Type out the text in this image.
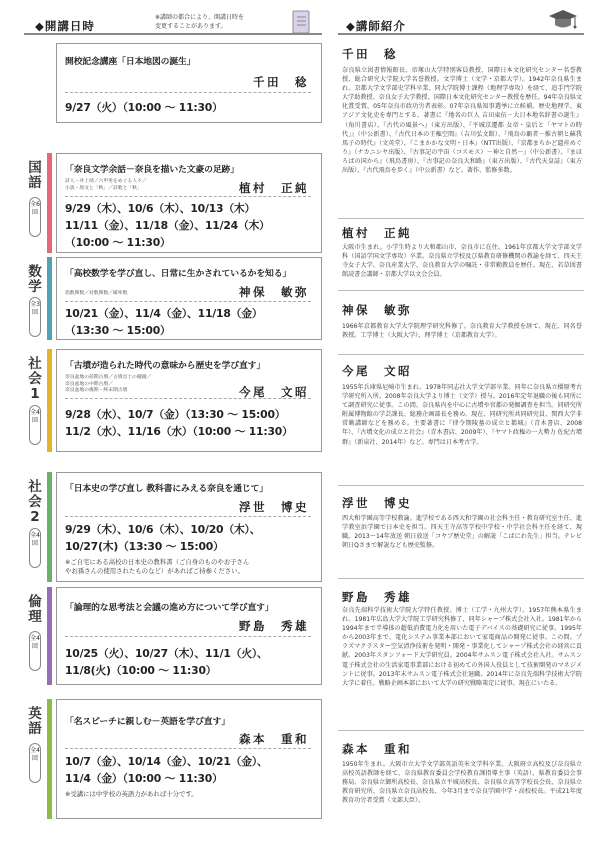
◆開講日時
※講師の都合により、開講日時を
変更することがあります。	◆講師紹介
開校記念講座「日本地図の誕生」
千田　稔
9/27（火）（10:00 ～ 11:30）
国語
全6回
「奈良文学余話－奈良を描いた文豪の足跡」
詩人・井上靖／六甲男をめぐる人々／
小説・原文と「秋」／詩歌と「秋」	植村　正純
9/29（木）、10/6（木）、10/13（木）
11/11（金）、11/18（金）、11/24（木）
（10:00 ～ 11:30）
数学
全3回
「高校数学を学び直し、日常に生かされているかを知る」
指数関数／対数関数／確率数	神保　敏弥
10/21（金）、11/4（金）、11/18（金）
（13:30 ～ 15:00）
社会1
全4回
「古墳が造られた時代の意味から歴史を学び直す」
奈良盆地の前期古墳／古墳出土の鏡鏡／
奈良盆地の中期古墳／
奈良盆地の後期・終末期古墳	今尾　文昭
9/28（水）、10/7（金）（13:30 ～ 15:00）
11/2（水）、11/16（水）（10:00 ～ 11:30）
社会2
全4回
「日本史の学び直し 教科書にみえる奈良を通じて」
浮世　博史
9/29（木）、10/6（木）、10/20（木）、
10/27(木)（13:30 ～ 15:00）
※ご自宅にある高校の日本史の教科書（ご自身のものやお子さん
やお孫さんの使用されたものなど）があればご持参ください。
倫理
全4回
「論理的な思考法と会議の進め方について学び直す」
野島　秀雄
10/25（火）、10/27（木）、11/1（火）、
11/8(火)（10:00 ～ 11:30）
英語
全4回
「名スピーチに親しむ－英語を学び直す」
森本　重和
10/7（金）、10/14（金）、10/21（金）、
11/4（金）（10:00 ～ 11:30）
※受講には中学校の英語力があれば十分です。
千田　稔
奈良県立図書情報館長、帝塚山大学特別客員教授、国際日本文化研究センター名誉教授、総合研究大学院大学名誉教授。文学博士（文学・京都大学）。1942年奈良県生まれ。京都大学文学部史学科卒業、同大学院博士課程（地理学専攻）を経て、追手門学院大学助教授、奈良女子大学教授、国際日本文化研究センター教授を歴任。94年奈良県文化賞受賞、05年奈良市政功労者表彰。07年奈良県知事選挙に立候補。歴史地理学、東アジア文化史を専門とする。著書に『地名の巨人 吉田東伍－大日本地名辞書の誕生』（角川書店）、『古代の風景へ』（東方出版）、『平城京遷都 女帝・皇后と「ヤマトの時代」』（中公新書）、『古代日本の王権空間』（吉川弘文館）、『飛鳥の覇者－推古朝と蘇我馬子の時代』（文英堂）、『こまかかな文明・日本』（NTT出版）、『京都まちかど遺産めぐり』（ナカニシヤ出版）、『古事記の宇宙（コスモス）－神と自然－』（中公新書）、『まほろばの国から』（飛鳥書房）、『古事記の奈良大和路』（東方出版）、『古代天皇誌』（東方出版）、『古代飛鳥を歩く』（中公新書）など。著作、監修多数。
植村　正純
大阪市生まれ。小学生時より大和郡山市、奈良市に在住。1961年京都大学文学部文学科（国語学国文学専攻）卒業。奈良県立学校及び県教育研修機関の教諭を経て、四天王寺女子大学、奈良産業大学、奈良教育大学の嘱託・非常勤教員を歴任。現在、若草図書館読書会講師・京都大学以文会会員。
神保　敏弥
1966年京都教育大学大学院理学研究科修了。奈良教育大学教授を経て、現在、同名誉教授。工学博士（大阪大学）、理学博士（京都教育大学）。
今尾　文昭
1955年兵庫県尼崎市生まれ。1978年同志社大学文学部卒業。同年に奈良県立橿原考古学研究所入所。2008年奈良大学より博士（文学）授与。2016年定年退職の後も同所にて調査研究に従事。この間、奈良県内を中心に古墳や宮都の発掘調査を担当。同研究所附属博物館の学芸課長、総務企画部長を務め、現在、同研究所共同研究員、関西大学非常勤講師などを務める。主要著書に『律令期陵墓の成立と都城』（青木書店、2008年）、『古墳文化の成立と社会』（青木書店、2009年）、『ヤマト政権の一大勢力 佐紀古墳群』（新泉社、2014年）など。専門は日本考古学。
浮世　博史
西大和学園高等学校教諭。進学校である西大和学園の社会科主任・教育研究室主任、進学教室浜学園で日本史を担当。四天王寺高等学校中学校・中学社会科主任を経て、現職。2013～14年放送 朝日放送「コヤブ歴史堂」の解説「こばにわ先生」担当。テレビ朝日Qさまで解説なども歴史監修。
野島　秀雄
奈良先端科学技術大学院大学特任教授。博士（工学・九州大学）。1957年熊本県生まれ。1981年広島大学大学院工学研究科修了、同年シャープ株式会社入社。1981年から1994年まで半導体の超低消費電力化を用いた電子デバイスの基礎研究に従事。1995年から2003年まで、電化システム事業本部において家電商品の開発に従事。この間、プラズマクラスター空気清浄技術を発明・開発・事業化してシャープ株式会社の経営に貢献。2003年スタンフォード大学研究員。2004年サムスン電子株式会社入社。サムスン電子株式会社の生活家電事業部における初めての外国人役員として技術開発のマネジメントに従事。2013年末サムスン電子株式会社退職。2014年に奈良先端科学技術大学院大学に着任。戦略企画本部において大学の研究戦略策定に従事。現在にいたる。
森本　重和
1950年生まれ。大阪市立大学文学部英語英米文学科卒業。大阪府立高校及び奈良県立高校英語教師を経て、奈良県教育委員会学校教育課指導主事（英語）、県教育委員会事務局、奈良県立御所高校長、奈良県立平城高校長、奈良県立高等学校長会長、奈良県立教育研究所、奈良県立奈良高校長、今年3月まで奈良学園中学・高校校長。平成21年度教育功労者受賞（文部大臣）。
